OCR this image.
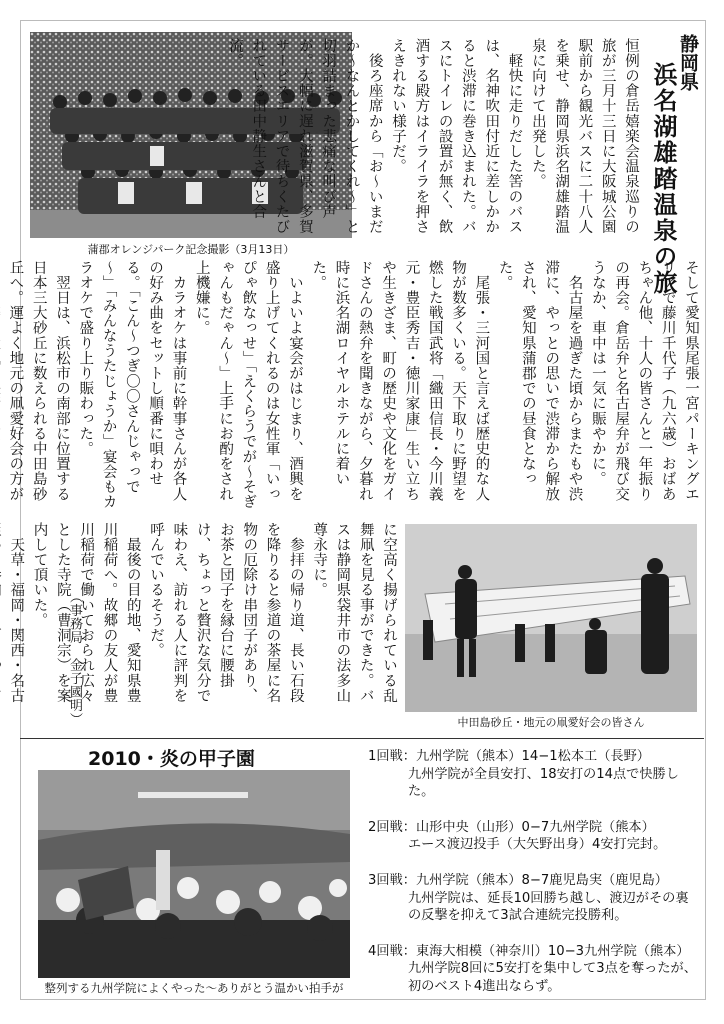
静岡県
浜名湖雄踏温泉の旅
蒲郡オレンジパーク記念撮影（3月13日）
恒例の倉岳嬉楽会温泉巡りの旅が三月十三日に大阪城公園駅前から観光バスに二十八人を乗せ、静岡県浜名湖雄踏温泉に向けて出発した。
　軽快に走りだした筈のバスは、名神吹田付近に差しかかると渋滞に巻き込まれた。バスにトイレの設置が無く、飲酒する殿方はイライラを押さえきれない様子だ。
　後ろ座席から「お～いまだか～なんとかしてくれ～」と切羽詰まった悲痛な叫び声が。大幅に遅れ滋賀県、多賀サービスエリアで待ちくたびれている田中静生さんと合流。
そして愛知県尾張一宮パーキングエリアで藤川千代子（九六歳）おばあちゃん他、十人の皆さんと一年振りの再会。倉岳弁と名古屋弁が飛び交うなか、車中は一気に賑やかに。
　名古屋を過ぎた頃からまたもや渋滞に、やっとの思いで渋滞から解放され、愛知県蒲郡での昼食となった。
　尾張・三河国と言えば歴史的な人物が数多くいる。天下取りに野望を燃した戦国武将「織田信長・今川義元・豊臣秀吉・徳川家康」生い立ちや生きざま、町の歴史や文化をガイドさんの熱弁を聞きながら、夕暮れ時に浜名湖ロイヤルホテルに着いた。
　いよいよ宴会がはじまり、酒興を盛り上げてくれるのは女性軍「いっぴゃ飲なっせ」「えくらうでが～そぎゃんもだゃん～」上手にお酌をされ上機嫌に。
　カラオケは事前に幹事さんが各人の好み曲をセットし順番に唄わせる。「こん～つぎ〇〇さんじゃっで～」「みんなうたじょうか」宴会もカラオケで盛り上り賑わった。
　翌日は、浜松市の南部に位置する日本三大砂丘に数えられる中田島砂丘へ。運よく地元の凧愛好会の方が
に空高く揚げられている乱舞凧を見る事ができた。バスは静岡県袋井市の法多山尊永寺に。
　参拝の帰り道、長い石段を降りると参道の茶屋に名物の厄除け串団子があり、お茶と団子を縁台に腰掛け、ちょっと贅沢な気分で味わえ、訪れる人に評判を呼んでいるそうだ。
　最後の目的地、愛知県豊川稲荷へ。故郷の友人が豊川稲荷で働いておられ広々とした寺院（曹洞宗）を案内して頂いた。
　天草・福岡・関西・名古	（事務局　金子國明）	中田島砂丘・地元の凧愛好会の皆さん
2010・炎の甲子園
整列する九州学院によくやった～ありがとう温かい拍手が
1回戦：九州学院（熊本）14−1松本工（長野）
九州学院が全員安打、18安打の14点で快勝した。
2回戦：山形中央（山形）0−7九州学院（熊本）
エース渡辺投手（大矢野出身）4安打完封。
3回戦：九州学院（熊本）8−7鹿児島実（鹿児島）
九州学院は、延長10回勝ち越し、渡辺がその裏の反撃を抑えて3試合連続完投勝利。
4回戦：東海大相模（神奈川）10−3九州学院（熊本）
九州学院8回に5安打を集中して3点を奪ったが、初のベスト4進出ならず。
